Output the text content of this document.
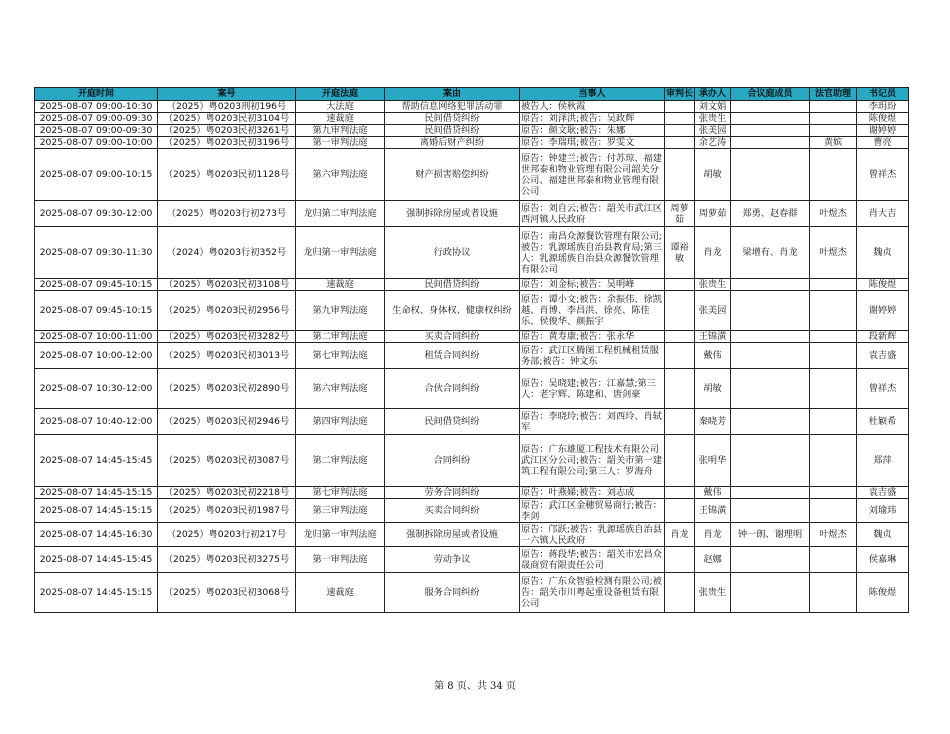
开庭时间	案号	开庭法庭	案由	当事人	审判长	承办人	合议庭成员	法官助理	书记员
2025-08-07 09:00-10:30	（2025）粤0203刑初196号	大法庭	帮助信息网络犯罪活动罪	被告人：侯秋霞		刘文娟			李玥玢
2025-08-07 09:00-09:30	（2025）粤0203民初3104号	速裁庭	民间借贷纠纷	原告：刘泽洪;被告：吴政辉		张贵生			陈俊煜
2025-08-07 09:00-09:30	（2025）粤0203民初3261号	第九审判法庭	民间借贷纠纷	原告：颜文耿;被告：朱娜		张美园			谢婷婷
2025-08-07 09:00-10:00	（2025）粤0203民初3196号	第一审判法庭	离婚后财产纠纷	原告：李瑞琪;被告：罗雯文		余艺涛		黄嫔	曹亮
2025-08-07 09:00-10:15	（2025）粤0203民初1128号	第六审判法庭	财产损害赔偿纠纷	原告：钟建兰;被告：付苏琼、福建世邦泰和物业管理有限公司韶关分公司、福建世邦泰和物业管理有限公司		胡敏			曾祥杰
2025-08-07 09:30-12:00	（2025）粤0203行初273号	龙归第二审判法庭	强制拆除房屋或者设施	原告：刘自云;被告：韶关市武江区西河镇人民政府	周萝茹	周萝茹	郑勇、赵春群	叶煜杰	肖大吉
2025-08-07 09:30-11:30	（2024）粤0203行初352号	龙归第一审判法庭	行政协议	原告：南昌众源餐饮管理有限公司;被告：乳源瑶族自治县教育局;第三人：乳源瑶族自治县众源餐饮管理有限公司	谭裕敏	肖龙	梁增有、肖龙	叶煜杰	魏贞
2025-08-07 09:45-10:15	（2025）粤0203民初3108号	速裁庭	民间借贷纠纷	原告：刘金标;被告：吴明峰		张贵生			陈俊煜
2025-08-07 09:45-10:15	（2025）粤0203民初2956号	第九审判法庭	生命权、身体权、健康权纠纷	原告：谭小文;被告：余振伟、徐凯越、肖博、李昌洪、徐亮、陈佳乐、侯俊华、颜振宇		张美园			谢婷婷
2025-08-07 10:00-11:00	（2025）粤0203民初3282号	第二审判法庭	买卖合同纠纷	原告：黄寿康;被告：张永华		王锦潢			段新辉
2025-08-07 10:00-12:00	（2025）粤0203民初3013号	第七审判法庭	租赁合同纠纷	原告：武江区腾图工程机械租赁服务部;被告：钟文东		戴伟			袁吉盛
2025-08-07 10:30-12:00	（2025）粤0203民初2890号	第六审判法庭	合伙合同纠纷	原告：吴晓建;被告：江嘉慧;第三人：老宇辉、陈建和、唐剑豪		胡敏			曾祥杰
2025-08-07 10:40-12:00	（2025）粤0203民初2946号	第四审判法庭	民间借贷纠纷	原告：李晓玲;被告：刘西玲、肖轼军		秦晓芳			杜颖希
2025-08-07 14:45-15:45	（2025）粤0203民初3087号	第二审判法庭	合同纠纷	原告：广东雄厦工程技术有限公司武江区分公司;被告：韶关市第一建筑工程有限公司;第三人：罗海舟		张明华			郑萍
2025-08-07 14:45-15:15	（2025）粤0203民初2218号	第七审判法庭	劳务合同纠纷	原告：叶燕娣;被告：刘志成		戴伟			袁吉盛
2025-08-07 14:45-15:15	（2025）粤0203民初1987号	第三审判法庭	买卖合同纠纷	原告：武江区金穗贸易商行;被告：李剑		王锦潢			刘瑜玮
2025-08-07 14:45-16:30	（2025）粤0203行初217号	龙归第一审判法庭	强制拆除房屋或者设施	原告：邝跃;被告：乳源瑶族自治县一六镇人民政府	肖龙	肖龙	钟一朗、谢理明	叶煜杰	魏贞
2025-08-07 14:45-15:45	（2025）粤0203民初3275号	第一审判法庭	劳动争议	原告：蒋段华;被告：韶关市宏昌众晟商贸有限责任公司		赵娜			侯嘉琳
2025-08-07 14:45-15:15	（2025）粤0203民初3068号	速裁庭	服务合同纠纷	原告：广东众智验检测有限公司;被告：韶关市川粤起重设备租赁有限公司		张贵生			陈俊煜
第 8 页、共 34 页
